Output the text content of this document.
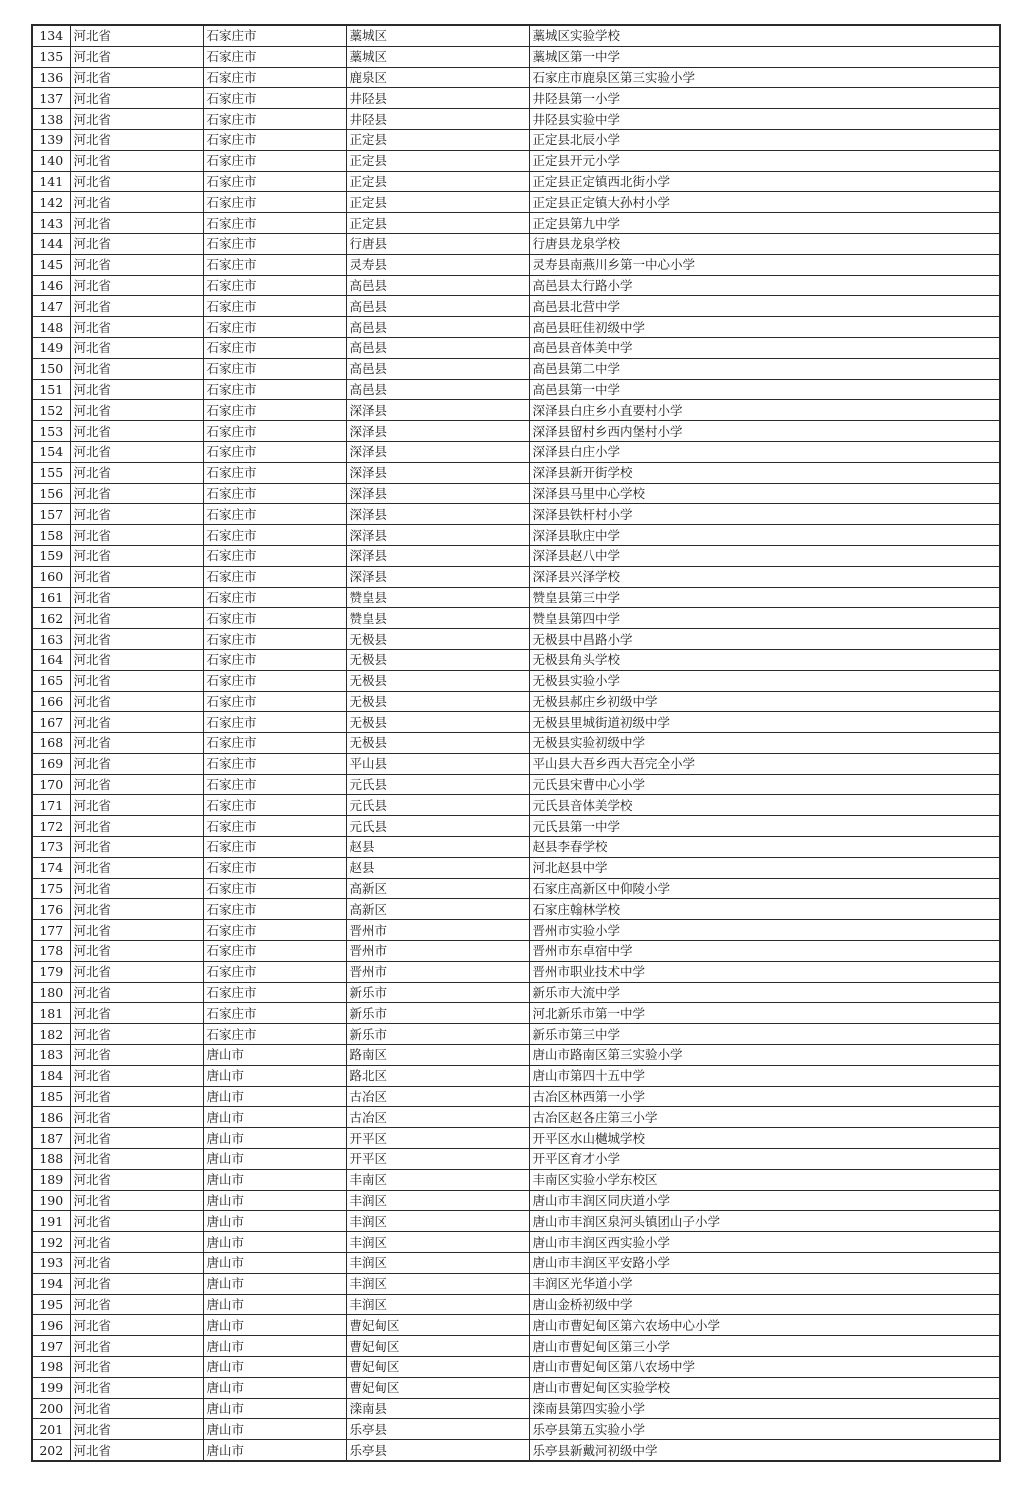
134	河北省	石家庄市	藁城区	藁城区实验学校
135	河北省	石家庄市	藁城区	藁城区第一中学
136	河北省	石家庄市	鹿泉区	石家庄市鹿泉区第三实验小学
137	河北省	石家庄市	井陉县	井陉县第一小学
138	河北省	石家庄市	井陉县	井陉县实验中学
139	河北省	石家庄市	正定县	正定县北辰小学
140	河北省	石家庄市	正定县	正定县开元小学
141	河北省	石家庄市	正定县	正定县正定镇西北街小学
142	河北省	石家庄市	正定县	正定县正定镇大孙村小学
143	河北省	石家庄市	正定县	正定县第九中学
144	河北省	石家庄市	行唐县	行唐县龙泉学校
145	河北省	石家庄市	灵寿县	灵寿县南燕川乡第一中心小学
146	河北省	石家庄市	高邑县	高邑县太行路小学
147	河北省	石家庄市	高邑县	高邑县北营中学
148	河北省	石家庄市	高邑县	高邑县旺佳初级中学
149	河北省	石家庄市	高邑县	高邑县音体美中学
150	河北省	石家庄市	高邑县	高邑县第二中学
151	河北省	石家庄市	高邑县	高邑县第一中学
152	河北省	石家庄市	深泽县	深泽县白庄乡小直要村小学
153	河北省	石家庄市	深泽县	深泽县留村乡西内堡村小学
154	河北省	石家庄市	深泽县	深泽县白庄小学
155	河北省	石家庄市	深泽县	深泽县新开街学校
156	河北省	石家庄市	深泽县	深泽县马里中心学校
157	河北省	石家庄市	深泽县	深泽县铁杆村小学
158	河北省	石家庄市	深泽县	深泽县耿庄中学
159	河北省	石家庄市	深泽县	深泽县赵八中学
160	河北省	石家庄市	深泽县	深泽县兴泽学校
161	河北省	石家庄市	赞皇县	赞皇县第三中学
162	河北省	石家庄市	赞皇县	赞皇县第四中学
163	河北省	石家庄市	无极县	无极县中昌路小学
164	河北省	石家庄市	无极县	无极县角头学校
165	河北省	石家庄市	无极县	无极县实验小学
166	河北省	石家庄市	无极县	无极县郝庄乡初级中学
167	河北省	石家庄市	无极县	无极县里城街道初级中学
168	河北省	石家庄市	无极县	无极县实验初级中学
169	河北省	石家庄市	平山县	平山县大吾乡西大吾完全小学
170	河北省	石家庄市	元氏县	元氏县宋曹中心小学
171	河北省	石家庄市	元氏县	元氏县音体美学校
172	河北省	石家庄市	元氏县	元氏县第一中学
173	河北省	石家庄市	赵县	赵县李春学校
174	河北省	石家庄市	赵县	河北赵县中学
175	河北省	石家庄市	高新区	石家庄高新区中仰陵小学
176	河北省	石家庄市	高新区	石家庄翰林学校
177	河北省	石家庄市	晋州市	晋州市实验小学
178	河北省	石家庄市	晋州市	晋州市东卓宿中学
179	河北省	石家庄市	晋州市	晋州市职业技术中学
180	河北省	石家庄市	新乐市	新乐市大流中学
181	河北省	石家庄市	新乐市	河北新乐市第一中学
182	河北省	石家庄市	新乐市	新乐市第三中学
183	河北省	唐山市	路南区	唐山市路南区第三实验小学
184	河北省	唐山市	路北区	唐山市第四十五中学
185	河北省	唐山市	古冶区	古冶区林西第一小学
186	河北省	唐山市	古冶区	古冶区赵各庄第三小学
187	河北省	唐山市	开平区	开平区水山樾城学校
188	河北省	唐山市	开平区	开平区育才小学
189	河北省	唐山市	丰南区	丰南区实验小学东校区
190	河北省	唐山市	丰润区	唐山市丰润区同庆道小学
191	河北省	唐山市	丰润区	唐山市丰润区泉河头镇团山子小学
192	河北省	唐山市	丰润区	唐山市丰润区西实验小学
193	河北省	唐山市	丰润区	唐山市丰润区平安路小学
194	河北省	唐山市	丰润区	丰润区光华道小学
195	河北省	唐山市	丰润区	唐山金桥初级中学
196	河北省	唐山市	曹妃甸区	唐山市曹妃甸区第六农场中心小学
197	河北省	唐山市	曹妃甸区	唐山市曹妃甸区第三小学
198	河北省	唐山市	曹妃甸区	唐山市曹妃甸区第八农场中学
199	河北省	唐山市	曹妃甸区	唐山市曹妃甸区实验学校
200	河北省	唐山市	滦南县	滦南县第四实验小学
201	河北省	唐山市	乐亭县	乐亭县第五实验小学
202	河北省	唐山市	乐亭县	乐亭县新戴河初级中学
